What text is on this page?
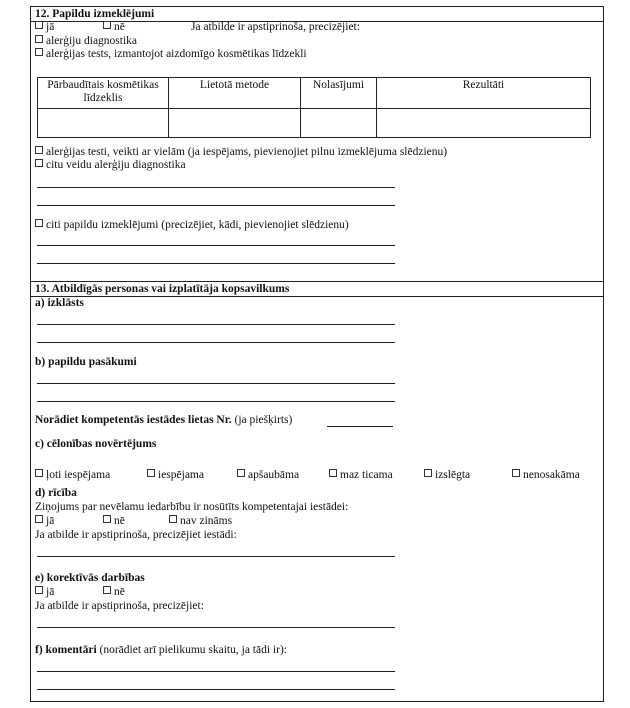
12. Papildu izmeklējumi
jā	nē	Ja atbilde ir apstiprinoša, precizējiet:
alerģiju diagnostika
alerģijas tests, izmantojot aizdomīgo kosmētikas līdzekli
Pārbaudītais kosmētikas līdzeklis	Lietotā metode	Nolasījumi	Rezultāti

alerģijas testi, veikti ar vielām (ja iespējams, pievienojiet pilnu izmeklējuma slēdzienu)
citu veidu alerģiju diagnostika
citi papildu izmeklējumi (precizējiet, kādi, pievienojiet slēdzienu)
13. Atbildīgās personas vai izplatītāja kopsavilkums
a) izklāsts
b) papildu pasākumi
Norādiet kompetentās iestādes lietas Nr. (ja piešķirts)
c) cēlonības novērtējums
ļoti iespējama	iespējama	apšaubāma	maz ticama	izslēgta	nenosakāma
d) rīcība
Ziņojums par nevēlamu iedarbību ir nosūtīts kompetentajai iestādei:
jā	nē	nav zināms
Ja atbilde ir apstiprinoša, precizējiet iestādi:
e) korektīvās darbības
jā	nē
Ja atbilde ir apstiprinoša, precizējiet:
f) komentāri (norādiet arī pielikumu skaitu, ja tādi ir):
